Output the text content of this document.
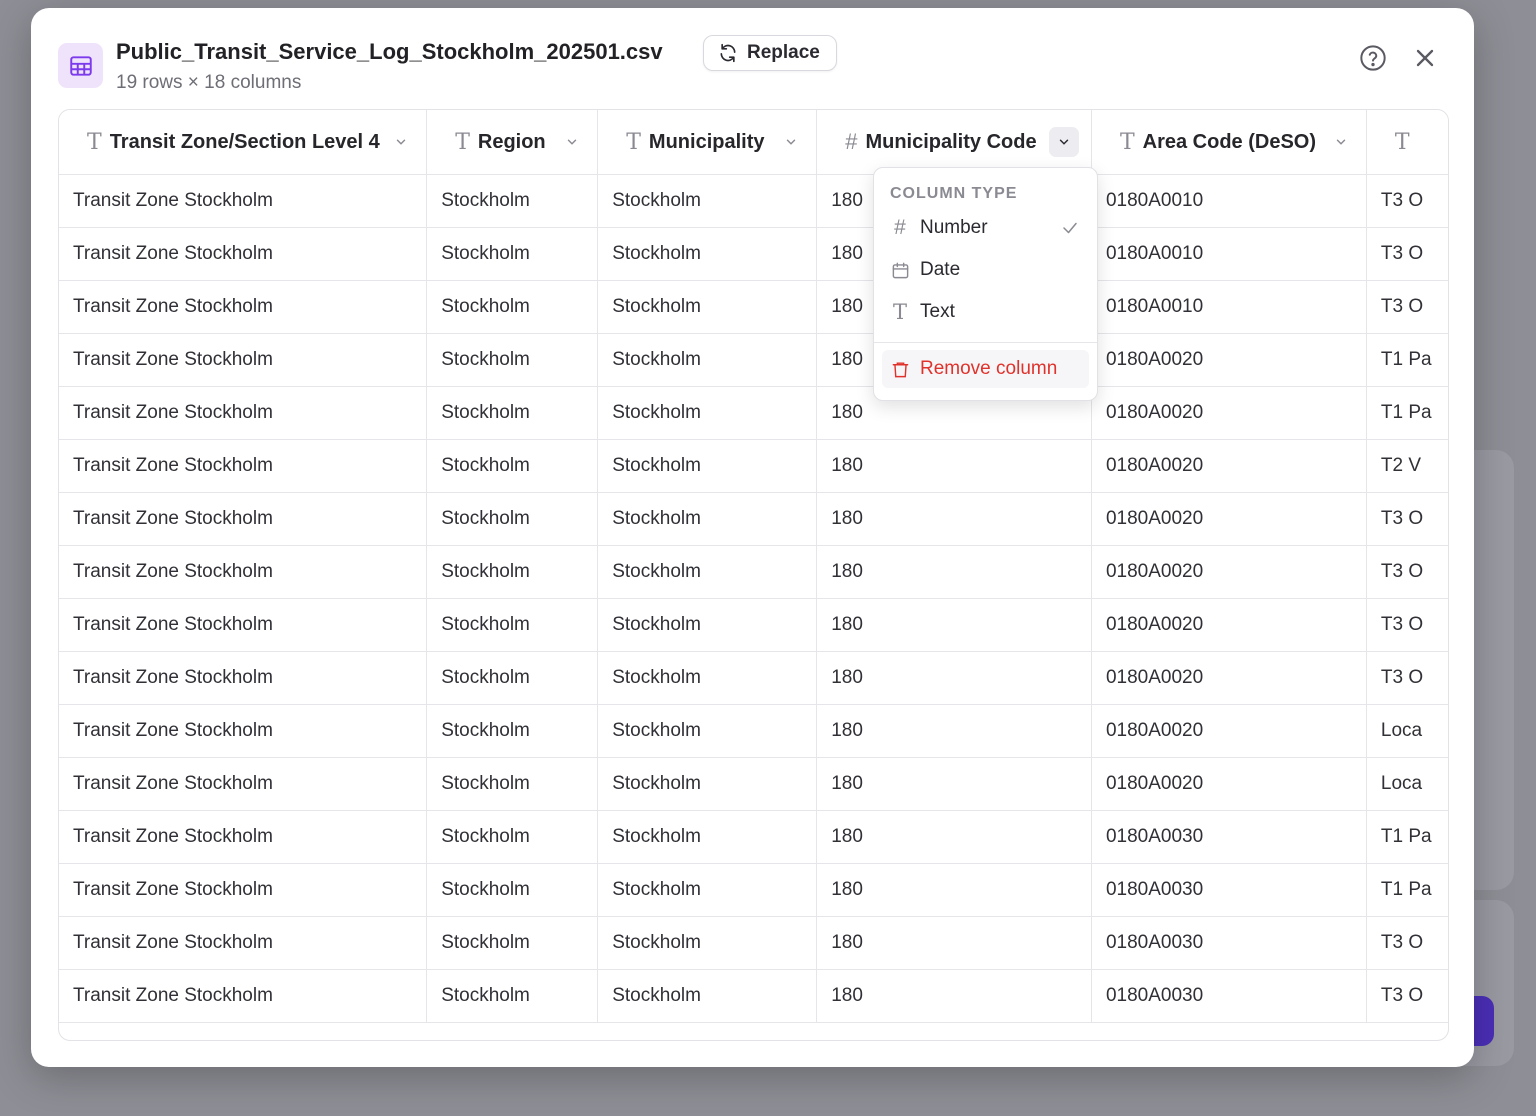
Public_Transit_Service_Log_Stockholm_202501.csv
19 rows × 18 columns
Replace
T Transit Zone/Section Level 4	T Region	T Municipality	# Municipality Code	T Area Code (DeSO)	T

Transit Zone Stockholm	Stockholm	Stockholm	180	0180A0010	T3 O
Transit Zone Stockholm	Stockholm	Stockholm	180	0180A0010	T3 O
Transit Zone Stockholm	Stockholm	Stockholm	180	0180A0010	T3 O
Transit Zone Stockholm	Stockholm	Stockholm	180	0180A0020	T1 Pa
Transit Zone Stockholm	Stockholm	Stockholm	180	0180A0020	T1 Pa
Transit Zone Stockholm	Stockholm	Stockholm	180	0180A0020	T2 V
Transit Zone Stockholm	Stockholm	Stockholm	180	0180A0020	T3 O
Transit Zone Stockholm	Stockholm	Stockholm	180	0180A0020	T3 O
Transit Zone Stockholm	Stockholm	Stockholm	180	0180A0020	T3 O
Transit Zone Stockholm	Stockholm	Stockholm	180	0180A0020	T3 O
Transit Zone Stockholm	Stockholm	Stockholm	180	0180A0020	Loca
Transit Zone Stockholm	Stockholm	Stockholm	180	0180A0020	Loca
Transit Zone Stockholm	Stockholm	Stockholm	180	0180A0030	T1 Pa
Transit Zone Stockholm	Stockholm	Stockholm	180	0180A0030	T1 Pa
Transit Zone Stockholm	Stockholm	Stockholm	180	0180A0030	T3 O
Transit Zone Stockholm	Stockholm	Stockholm	180	0180A0030	T3 O
COLUMN TYPE
# Number
Date
T Text
Remove column
